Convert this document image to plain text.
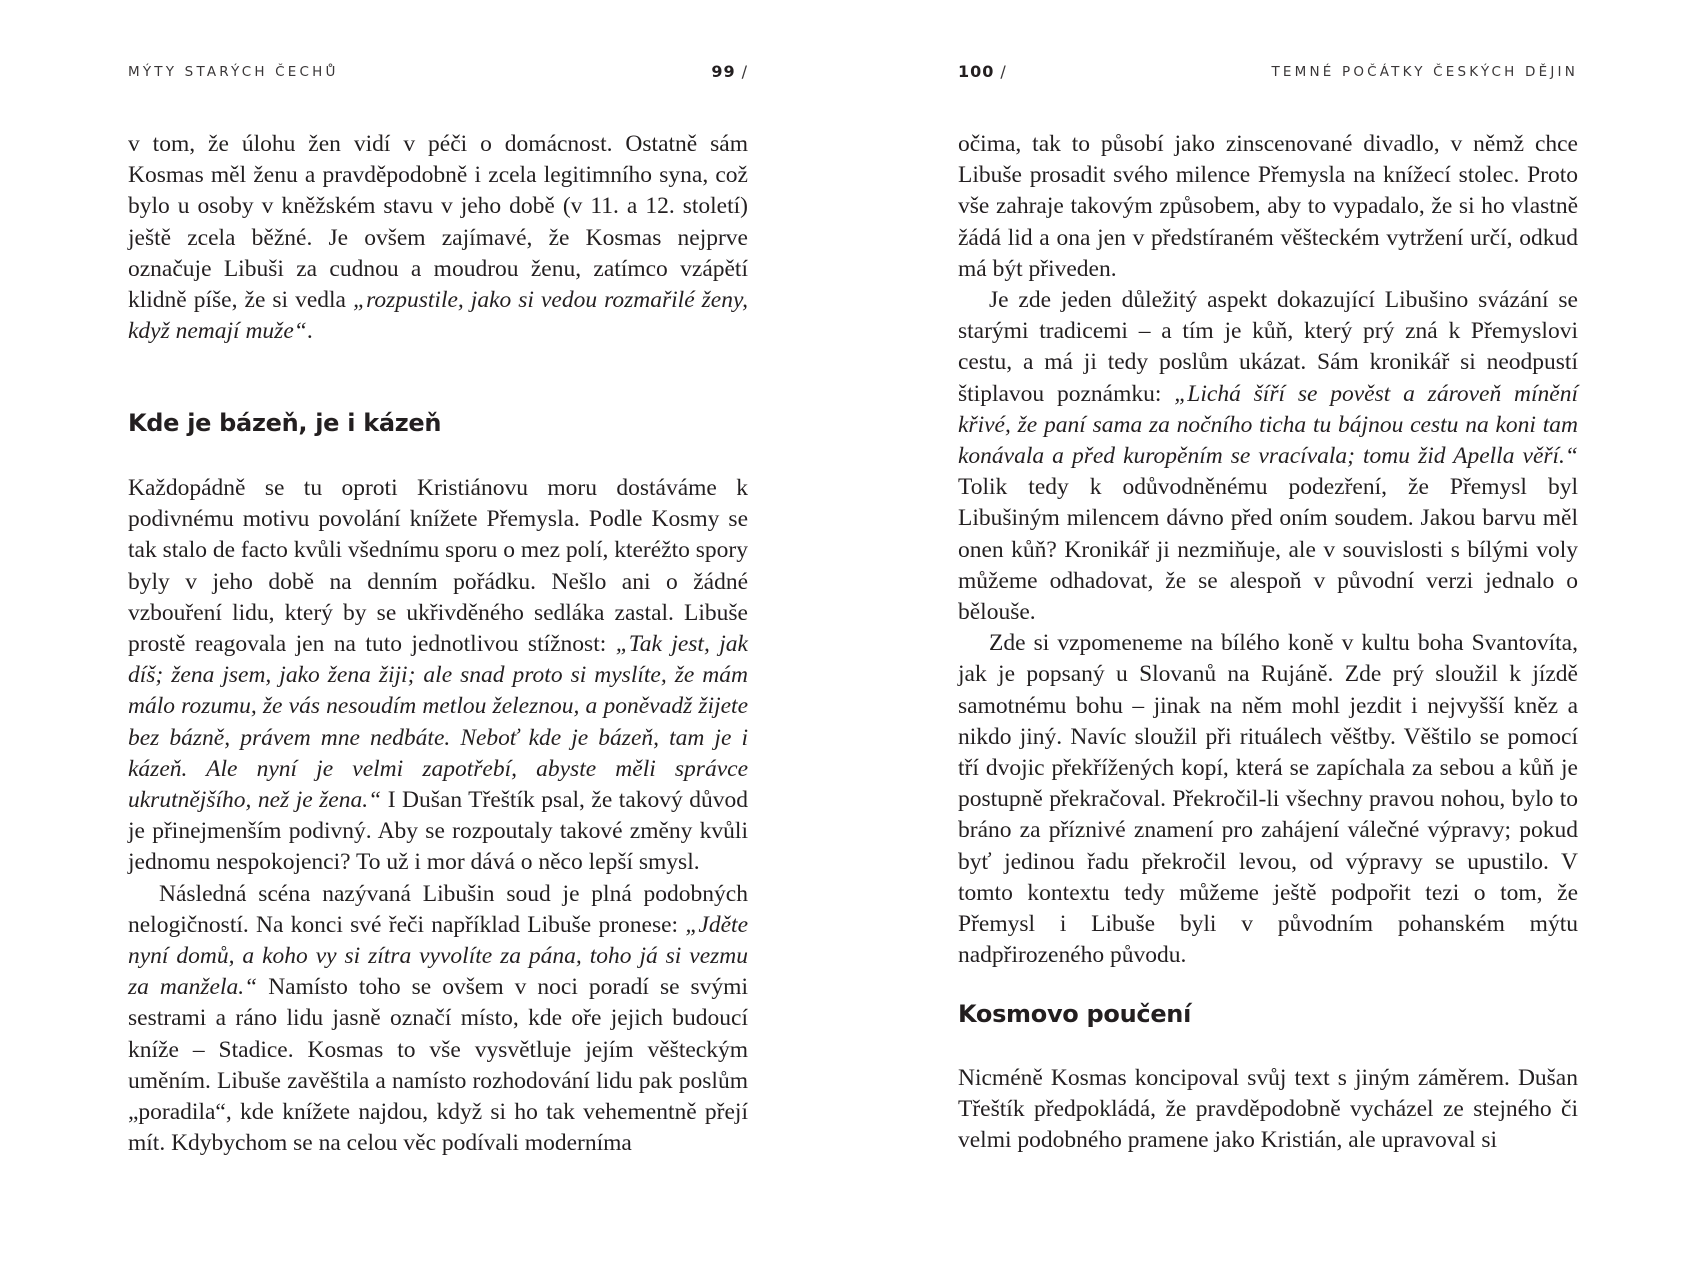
MÝTY STARÝCH ČECHŮ	99 /

v tom, že úlohu žen vidí v péči o domácnost. Ostatně sám Kosmas měl ženu a pravděpodobně i zcela legitimního syna, což bylo u osoby v kněžském stavu v jeho době (v 11. a 12. století) ještě zcela běžné. Je ovšem zajímavé, že Kosmas nejprve označuje Libuši za cudnou a moudrou ženu, zatímco vzápětí klidně píše, že si vedla „rozpustile, jako si vedou rozmařilé ženy, když nemají muže“.

Kde je bázeň, je i kázeň

Každopádně se tu oproti Kristiánovu moru dostáváme k podivnému motivu povolání knížete Přemysla. Podle Kosmy se tak stalo de facto kvůli všednímu sporu o mez polí, kteréžto spory byly v jeho době na denním pořádku. Nešlo ani o žádné vzbouření lidu, který by se ukřivděného sedláka zastal. Libuše prostě reagovala jen na tuto jednotlivou stížnost: „Tak jest, jak díš; žena jsem, jako žena žiji; ale snad proto si myslíte, že mám málo rozumu, že vás nesoudím metlou železnou, a poněvadž žijete bez bázně, právem mne nedbáte. Neboť kde je bázeň, tam je i kázeň. Ale nyní je velmi zapotřebí, abyste měli správce ukrutnějšího, než je žena.“ I Dušan Třeštík psal, že takový důvod je přinejmenším podivný. Aby se rozpoutaly takové změny kvůli jednomu nespokojenci? To už i mor dává o něco lepší smysl.

Následná scéna nazývaná Libušin soud je plná podobných nelogičností. Na konci své řeči například Libuše pronese: „Jděte nyní domů, a koho vy si zítra vyvolíte za pána, toho já si vezmu za manžela.“ Namísto toho se ovšem v noci poradí se svými sestrami a ráno lidu jasně označí místo, kde oře jejich budoucí kníže – Stadice. Kosmas to vše vysvětluje jejím věšteckým uměním. Libuše zavěštila a namísto rozhodování lidu pak poslům „poradila“, kde knížete najdou, když si ho tak vehementně přejí mít. Kdybychom se na celou věc podívali moderníma

100 /	TEMNÉ POČÁTKY ČESKÝCH DĚJIN

očima, tak to působí jako zinscenované divadlo, v němž chce Libuše prosadit svého milence Přemysla na knížecí stolec. Proto vše zahraje takovým způsobem, aby to vypadalo, že si ho vlastně žádá lid a ona jen v předstíraném věšteckém vytržení určí, odkud má být přiveden.

Je zde jeden důležitý aspekt dokazující Libušino svázání se starými tradicemi – a tím je kůň, který prý zná k Přemyslovi cestu, a má ji tedy poslům ukázat. Sám kronikář si neodpustí štiplavou poznámku: „Lichá šíří se pověst a zároveň mínění křivé, že paní sama za nočního ticha tu bájnou cestu na koni tam konávala a před kuropěním se vracívala; tomu žid Apella věří.“ Tolik tedy k odůvodněnému podezření, že Přemysl byl Libušiným milencem dávno před oním soudem. Jakou barvu měl onen kůň? Kronikář ji nezmiňuje, ale v souvislosti s bílými voly můžeme odhadovat, že se alespoň v původní verzi jednalo o bělouše.

Zde si vzpomeneme na bílého koně v kultu boha Svantovíta, jak je popsaný u Slovanů na Rujáně. Zde prý sloužil k jízdě samotnému bohu – jinak na něm mohl jezdit i nejvyšší kněz a nikdo jiný. Navíc sloužil při rituálech věštby. Věštilo se pomocí tří dvojic překřížených kopí, která se zapíchala za sebou a kůň je postupně překračoval. Překročil-li všechny pravou nohou, bylo to bráno za příznivé znamení pro zahájení válečné výpravy; pokud byť jedinou řadu překročil levou, od výpravy se upustilo. V tomto kontextu tedy můžeme ještě podpořit tezi o tom, že Přemysl i Libuše byli v původním pohanském mýtu nadpřirozeného původu.

Kosmovo poučení

Nicméně Kosmas koncipoval svůj text s jiným záměrem. Dušan Třeštík předpokládá, že pravděpodobně vycházel ze stejného či velmi podobného pramene jako Kristián, ale upravoval si
